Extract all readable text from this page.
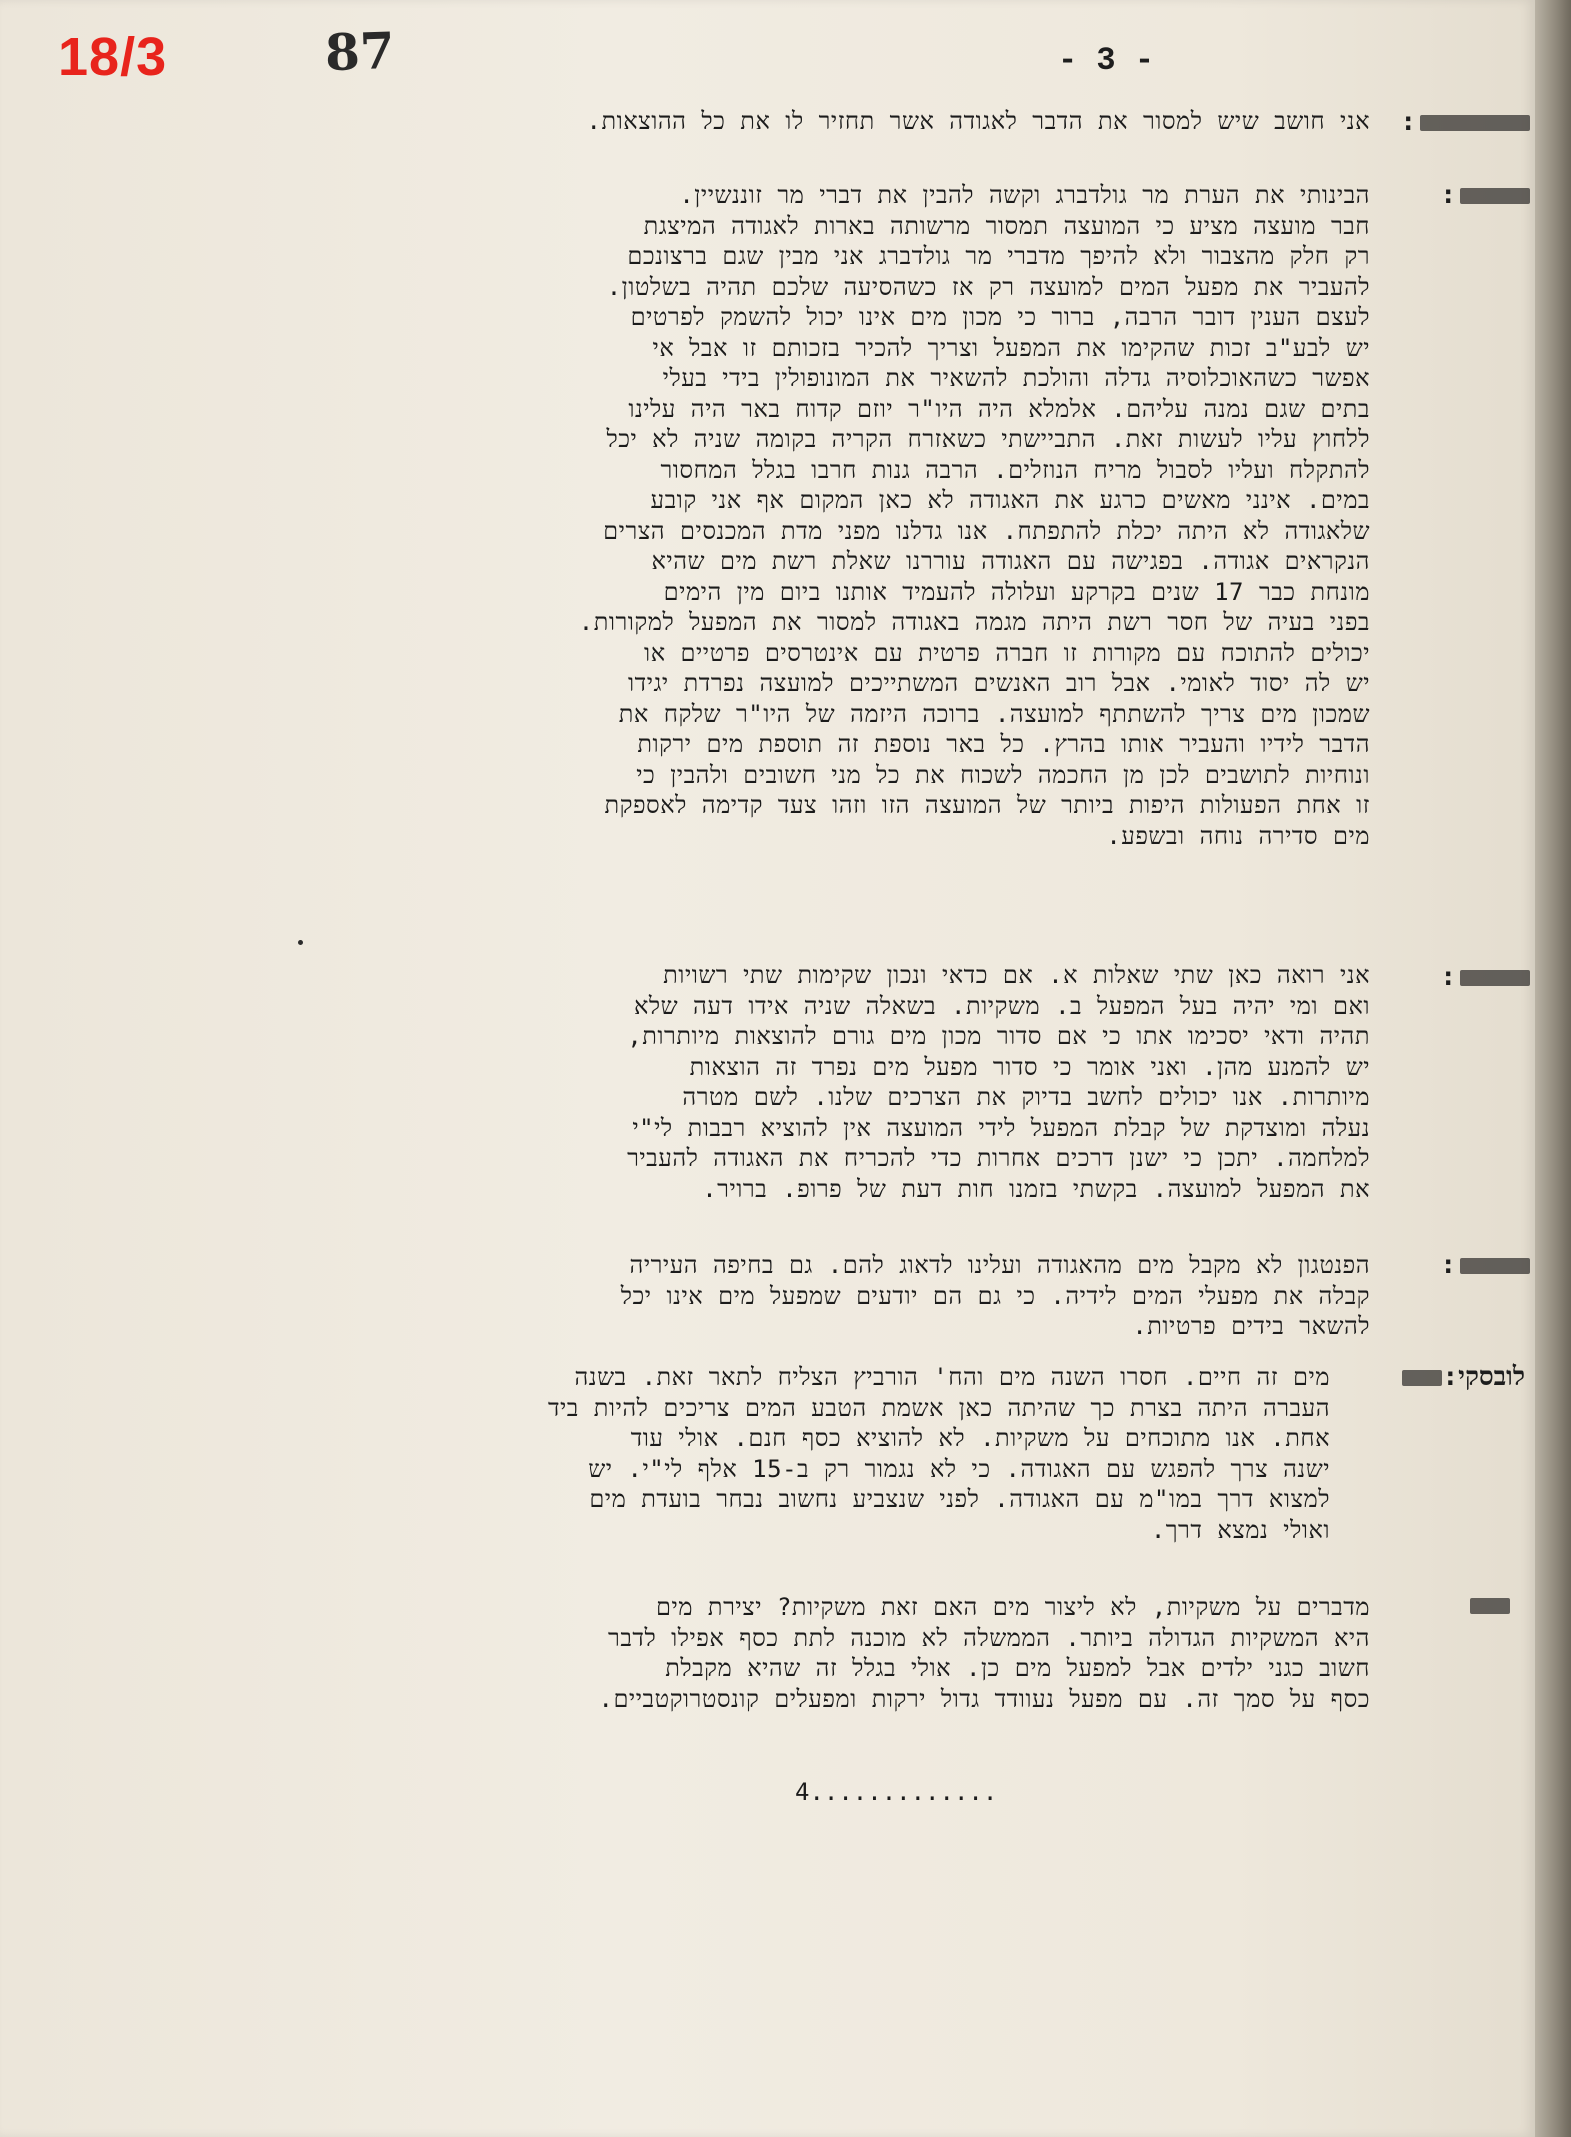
18/3	87	- 3 -
:
אני חושב שיש למסור את הדבר לאגודה אשר תחזיר לו את כל ההוצאות.
:
הבינותי את הערת מר גולדברג וקשה להבין את דברי מר זוננשיין.
חבר מועצה מציע כי המועצה תמסור מרשותה בארות לאגודה המיצגת
רק חלק מהצבור ולא להיפך מדברי מר גולדברג אני מבין שגם ברצונכם
להעביר את מפעל המים למועצה רק אז כשהסיעה שלכם תהיה בשלטון.
לעצם הענין דובר הרבה, ברור כי מכון מים אינו יכול להשמק לפרטים
יש לבע"ב זכות שהקימו את המפעל וצריך להכיר בזכותם זו אבל אי
אפשר כשהאוכלוסיה גדלה והולכת להשאיר את המונופולין בידי בעלי
בתים שגם נמנה עליהם. אלמלא היה היו"ר יוזם קדוח באר היה עלינו
ללחוץ עליו לעשות זאת. התביישתי כשאזרח הקריה בקומה שניה לא יכל
להתקלח ועליו לסבול מריח הנוזלים. הרבה גנות חרבו בגלל המחסור
במים. אינני מאשים כרגע את האגודה לא כאן המקום אף אני קובע
שלאגודה לא היתה יכלת להתפתח. אנו גדלנו מפני מדת המכנסים הצרים
הנקראים אגודה. בפגישה עם האגודה עוררנו שאלת רשת מים שהיא
מונחת כבר 17 שנים בקרקע ועלולה להעמיד אותנו ביום מין הימים
בפני בעיה של חסר רשת היתה מגמה באגודה למסור את המפעל למקורות.
יכולים להתוכח עם מקורות זו חברה פרטית עם אינטרסים פרטיים או
יש לה יסוד לאומי. אבל רוב האנשים המשתייכים למועצה נפרדת יגידו
שמכון מים צריך להשתתף למועצה. ברוכה היזמה של היו"ר שלקח את
הדבר לידיו והעביר אותו בהרץ. כל באר נוספת זה תוספת מים ירקות
ונוחיות לתושבים לכן מן החכמה לשכוח את כל מני חשובים ולהבין כי
זו אחת הפעולות היפות ביותר של המועצה הזו וזהו צעד קדימה לאספקת
מים סדירה נוחה ובשפע.
:
אני רואה כאן שתי שאלות א. אם כדאי ונכון שקימות שתי רשויות
ואם ומי יהיה בעל המפעל ב. משקיות. בשאלה שניה אידו דעה שלא
תהיה ודאי יסכימו אתו כי אם סדור מכון מים גורם להוצאות מיותרות,
יש להמנע מהן. ואני אומר כי סדור מפעל מים נפרד זה הוצאות
מיותרות. אנו יכולים לחשב בדיוק את הצרכים שלנו. לשם מטרה
נעלה ומוצדקת של קבלת המפעל לידי המועצה אין להוציא רבבות לי"י
למלחמה. יתכן כי ישנן דרכים אחרות כדי להכריח את האגודה להעביר
את המפעל למועצה. בקשתי בזמנו חות דעת של פרופ. ברויר.
:
הפנטגון לא מקבל מים מהאגודה ועלינו לדאוג להם. גם בחיפה העיריה
קבלה את מפעלי המים לידיה. כי גם הם יודעים שמפעל מים אינו יכל
להשאר בידים פרטיות.
לובסקי:
מים זה חיים. חסרו השנה מים והח' הורביץ הצליח לתאר זאת. בשנה
העברה היתה בצרת כך שהיתה כאן אשמת הטבע המים צריכים להיות ביד
אחת. אנו מתוכחים על משקיות. לא להוציא כסף חנם. אולי עוד
ישנה צרך להפגש עם האגודה. כי לא נגמור רק ב-15 אלף לי"י. יש
למצוא דרך במו"מ עם האגודה. לפני שנצביע נחשוב נבחר בועדת מים
ואולי נמצא דרך.
מדברים על משקיות, לא ליצור מים האם זאת משקיות? יצירת מים
היא המשקיות הגדולה ביותר. הממשלה לא מוכנה לתת כסף אפילו לדבר
חשוב כגני ילדים אבל למפעל מים כן. אולי בגלל זה שהיא מקבלת
כסף על סמך זה. עם מפעל נעוודד גדול ירקות ומפעלים קונסטרוקטביים.
4.............
